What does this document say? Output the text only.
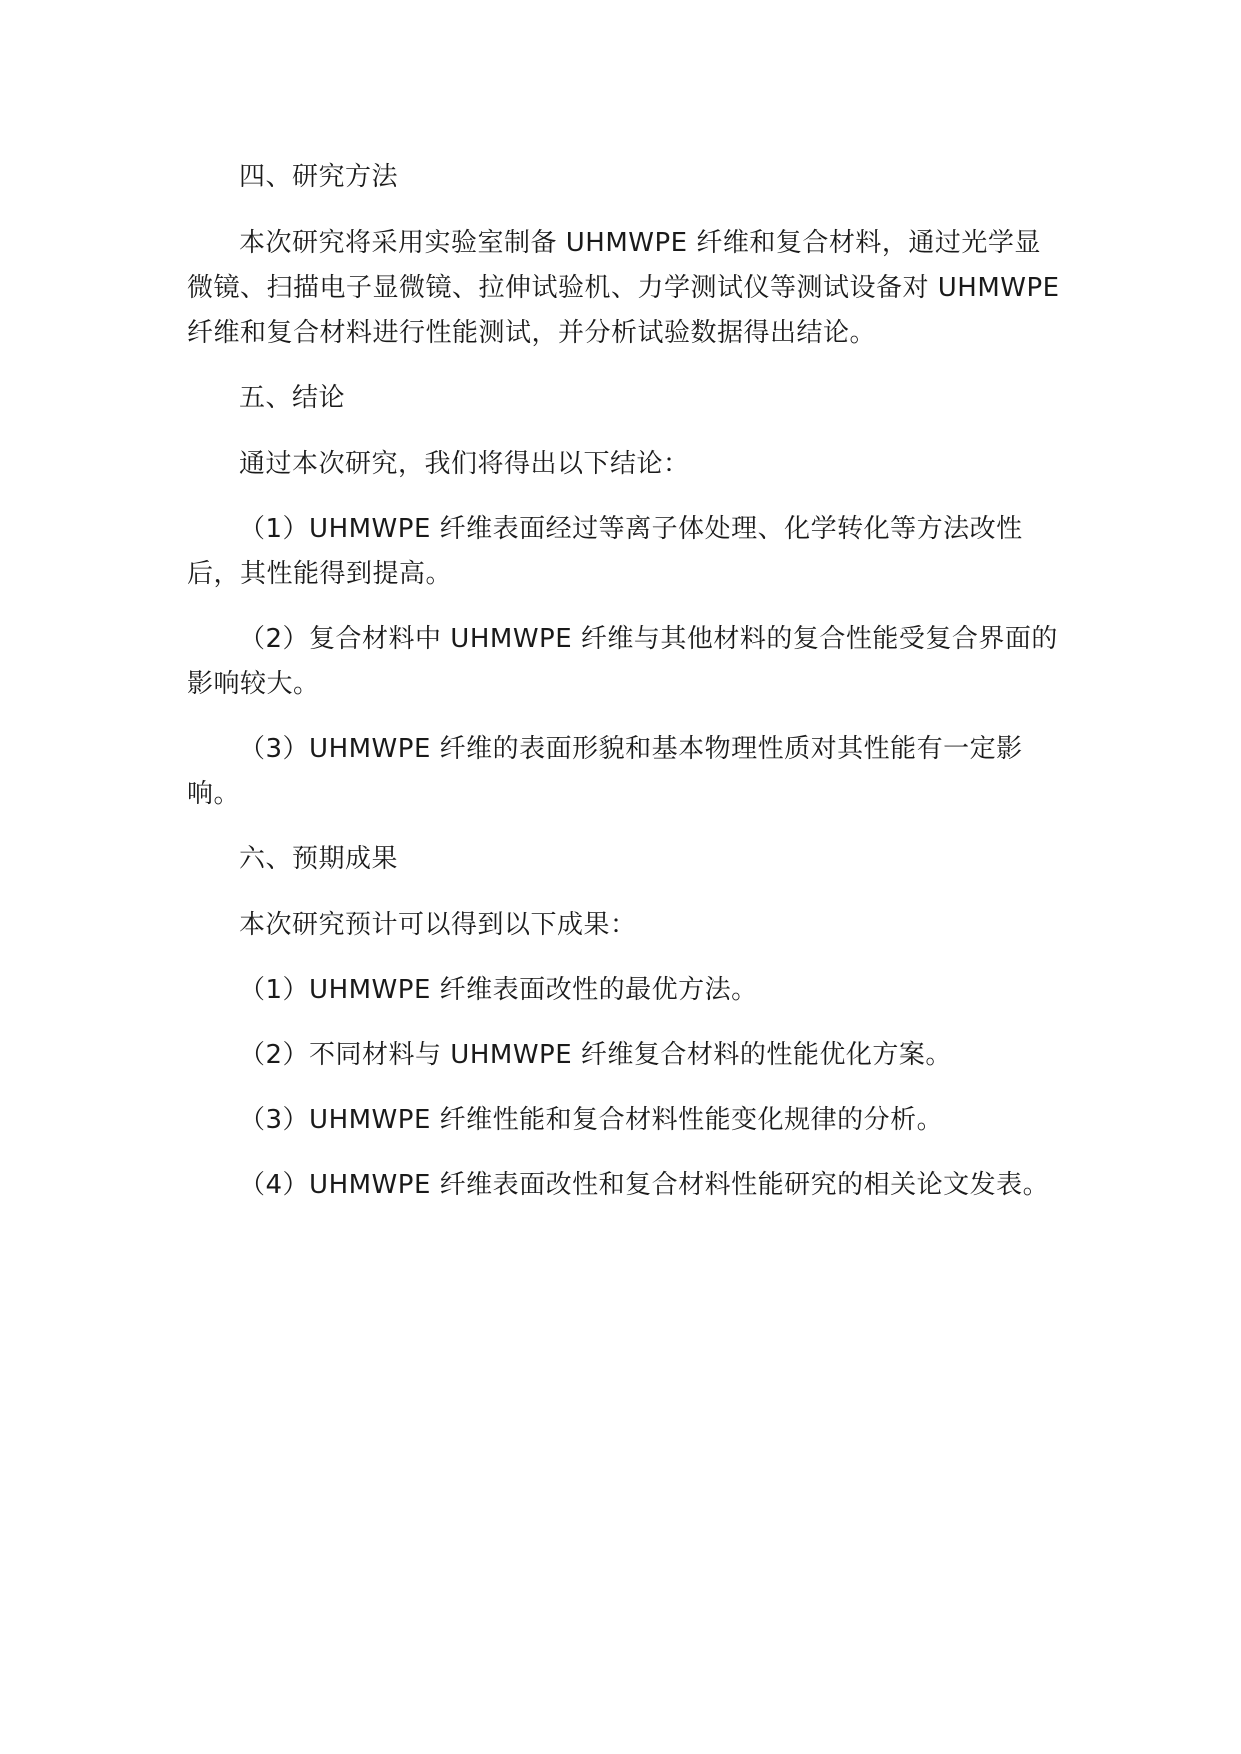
四、研究方法

本次研究将采用实验室制备 UHMWPE 纤维和复合材料，通过光学显微镜、扫描电子显微镜、拉伸试验机、力学测试仪等测试设备对 UHMWPE 纤维和复合材料进行性能测试，并分析试验数据得出结论。

五、结论

通过本次研究，我们将得出以下结论：

（1）UHMWPE 纤维表面经过等离子体处理、化学转化等方法改性后，其性能得到提高。

（2）复合材料中 UHMWPE 纤维与其他材料的复合性能受复合界面的影响较大。

（3）UHMWPE 纤维的表面形貌和基本物理性质对其性能有一定影响。

六、预期成果

本次研究预计可以得到以下成果：

（1）UHMWPE 纤维表面改性的最优方法。

（2）不同材料与 UHMWPE 纤维复合材料的性能优化方案。

（3）UHMWPE 纤维性能和复合材料性能变化规律的分析。

（4）UHMWPE 纤维表面改性和复合材料性能研究的相关论文发表。
